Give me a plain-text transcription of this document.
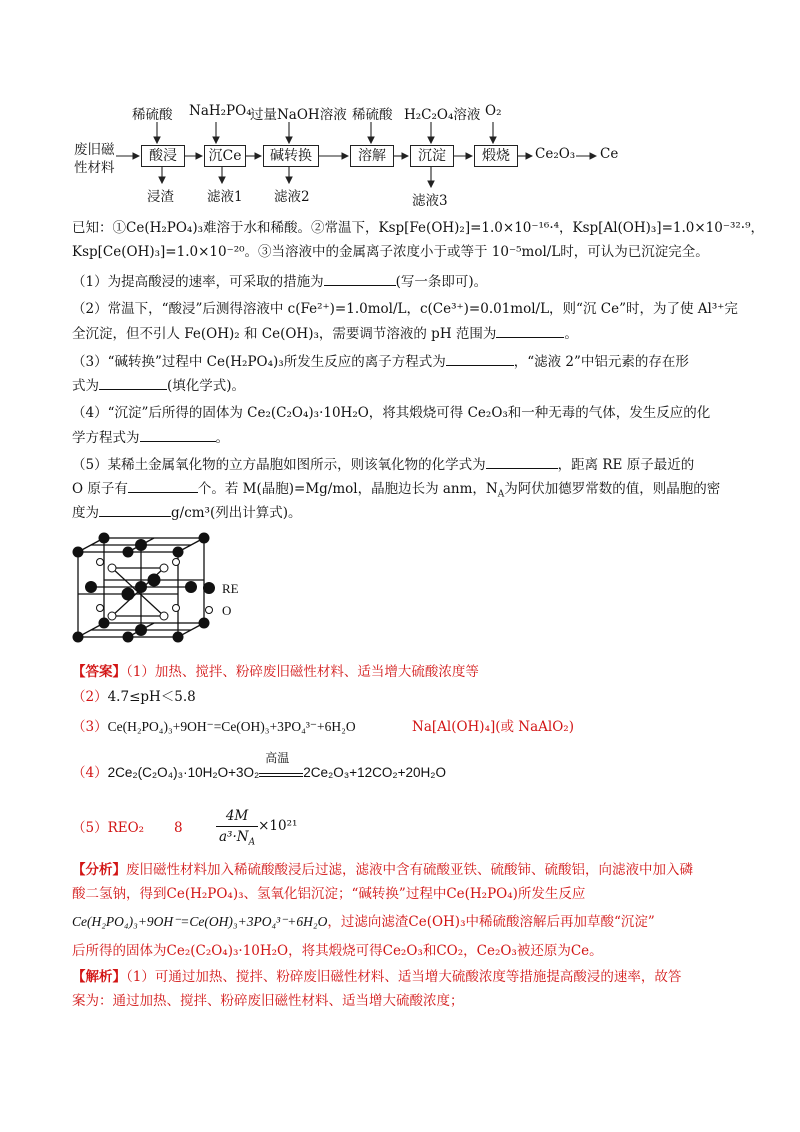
稀硫酸 NaH₂PO₄
过量NaOH溶液 稀硫酸 H₂C₂O₄溶液 O₂
废旧磁
性材料
酸浸	沉Ce	碱转换	溶解	沉淀	煅烧	Ce₂O₃ Ce
浸渣 滤液1 滤液2	滤液3
已知：①Ce(H₂PO₄)₃难溶于水和稀酸。②常温下，Ksp[Fe(OH)₂]=1.0×10⁻¹⁶·⁴，Ksp[Al(OH)₃]=1.0×10⁻³²·⁹，
Ksp[Ce(OH)₃]=1.0×10⁻²⁰。③当溶液中的金属离子浓度小于或等于 10⁻⁵mol/L时，可认为已沉淀完全。
（1）为提高酸浸的速率，可采取的措施为	(写一条即可)。
（2）常温下，“酸浸”后测得溶液中 c(Fe²⁺)=1.0mol/L，c(Ce³⁺)=0.01mol/L，则“沉 Ce”时，为了使 Al³⁺完
全沉淀，但不引人 Fe(OH)₂ 和 Ce(OH)₃，需要调节溶液的 pH 范围为	。
（3）“碱转换”过程中 Ce(H₂PO₄)₃所发生反应的离子方程式为	，“滤液 2”中铝元素的存在形
式为	(填化学式)。
（4）“沉淀”后所得的固体为 Ce₂(C₂O₄)₃·10H₂O，将其煅烧可得 Ce₂O₃和一种无毒的气体，发生反应的化
学方程式为	。
（5）某稀土金属氧化物的立方晶胞如图所示，则该氧化物的化学式为	，距离 RE 原子最近的
O 原子有	个。若 M(晶胞)=Mg/mol，晶胞边长为 anm，$N_A$为阿伏加德罗常数的值，则晶胞的密
度为	g/cm³(列出计算式)。
RE
O
【答案】（1）加热、搅拌、粉碎废旧磁性材料、适当增大硫酸浓度等
（2）4.7≤pH＜5.8
（3）Ce(H₂PO₄)₃+9OH⁻=Ce(OH)₃+3PO₄³⁻+6H₂O	Na[Al(OH)₄](或 NaAlO₂)
（4）2Ce₂(C₂O₄)₃·10H₂O+3O₂
高温
2Ce₂O₃+12CO₂+20H₂O
（5）REO₂ $8 \frac{4M}{a^3\cdot N_A} \times 10^{21}$
【分析】废旧磁性材料加入稀硫酸酸浸后过滤，滤液中含有硫酸亚铁、硫酸铈、硫酸铝，向滤液中加入磷
酸二氢钠，得到Ce(H₂PO₄)₃、氢氧化铝沉淀；“碱转换”过程中Ce(H₂PO₄)所发生反应
Ce(H₂PO₄)₃+9OH⁻=Ce(OH)₃+3PO₄³⁻+6H₂O，过滤向滤渣Ce(OH)₃中稀硫酸溶解后再加草酸“沉淀”
后所得的固体为Ce₂(C₂O₄)₃·10H₂O，将其煅烧可得Ce₂O₃和CO₂，Ce₂O₃被还原为Ce。
【解析】（1）可通过加热、搅拌、粉碎废旧磁性材料、适当增大硫酸浓度等措施提高酸浸的速率，故答
案为：通过加热、搅拌、粉碎废旧磁性材料、适当增大硫酸浓度；
